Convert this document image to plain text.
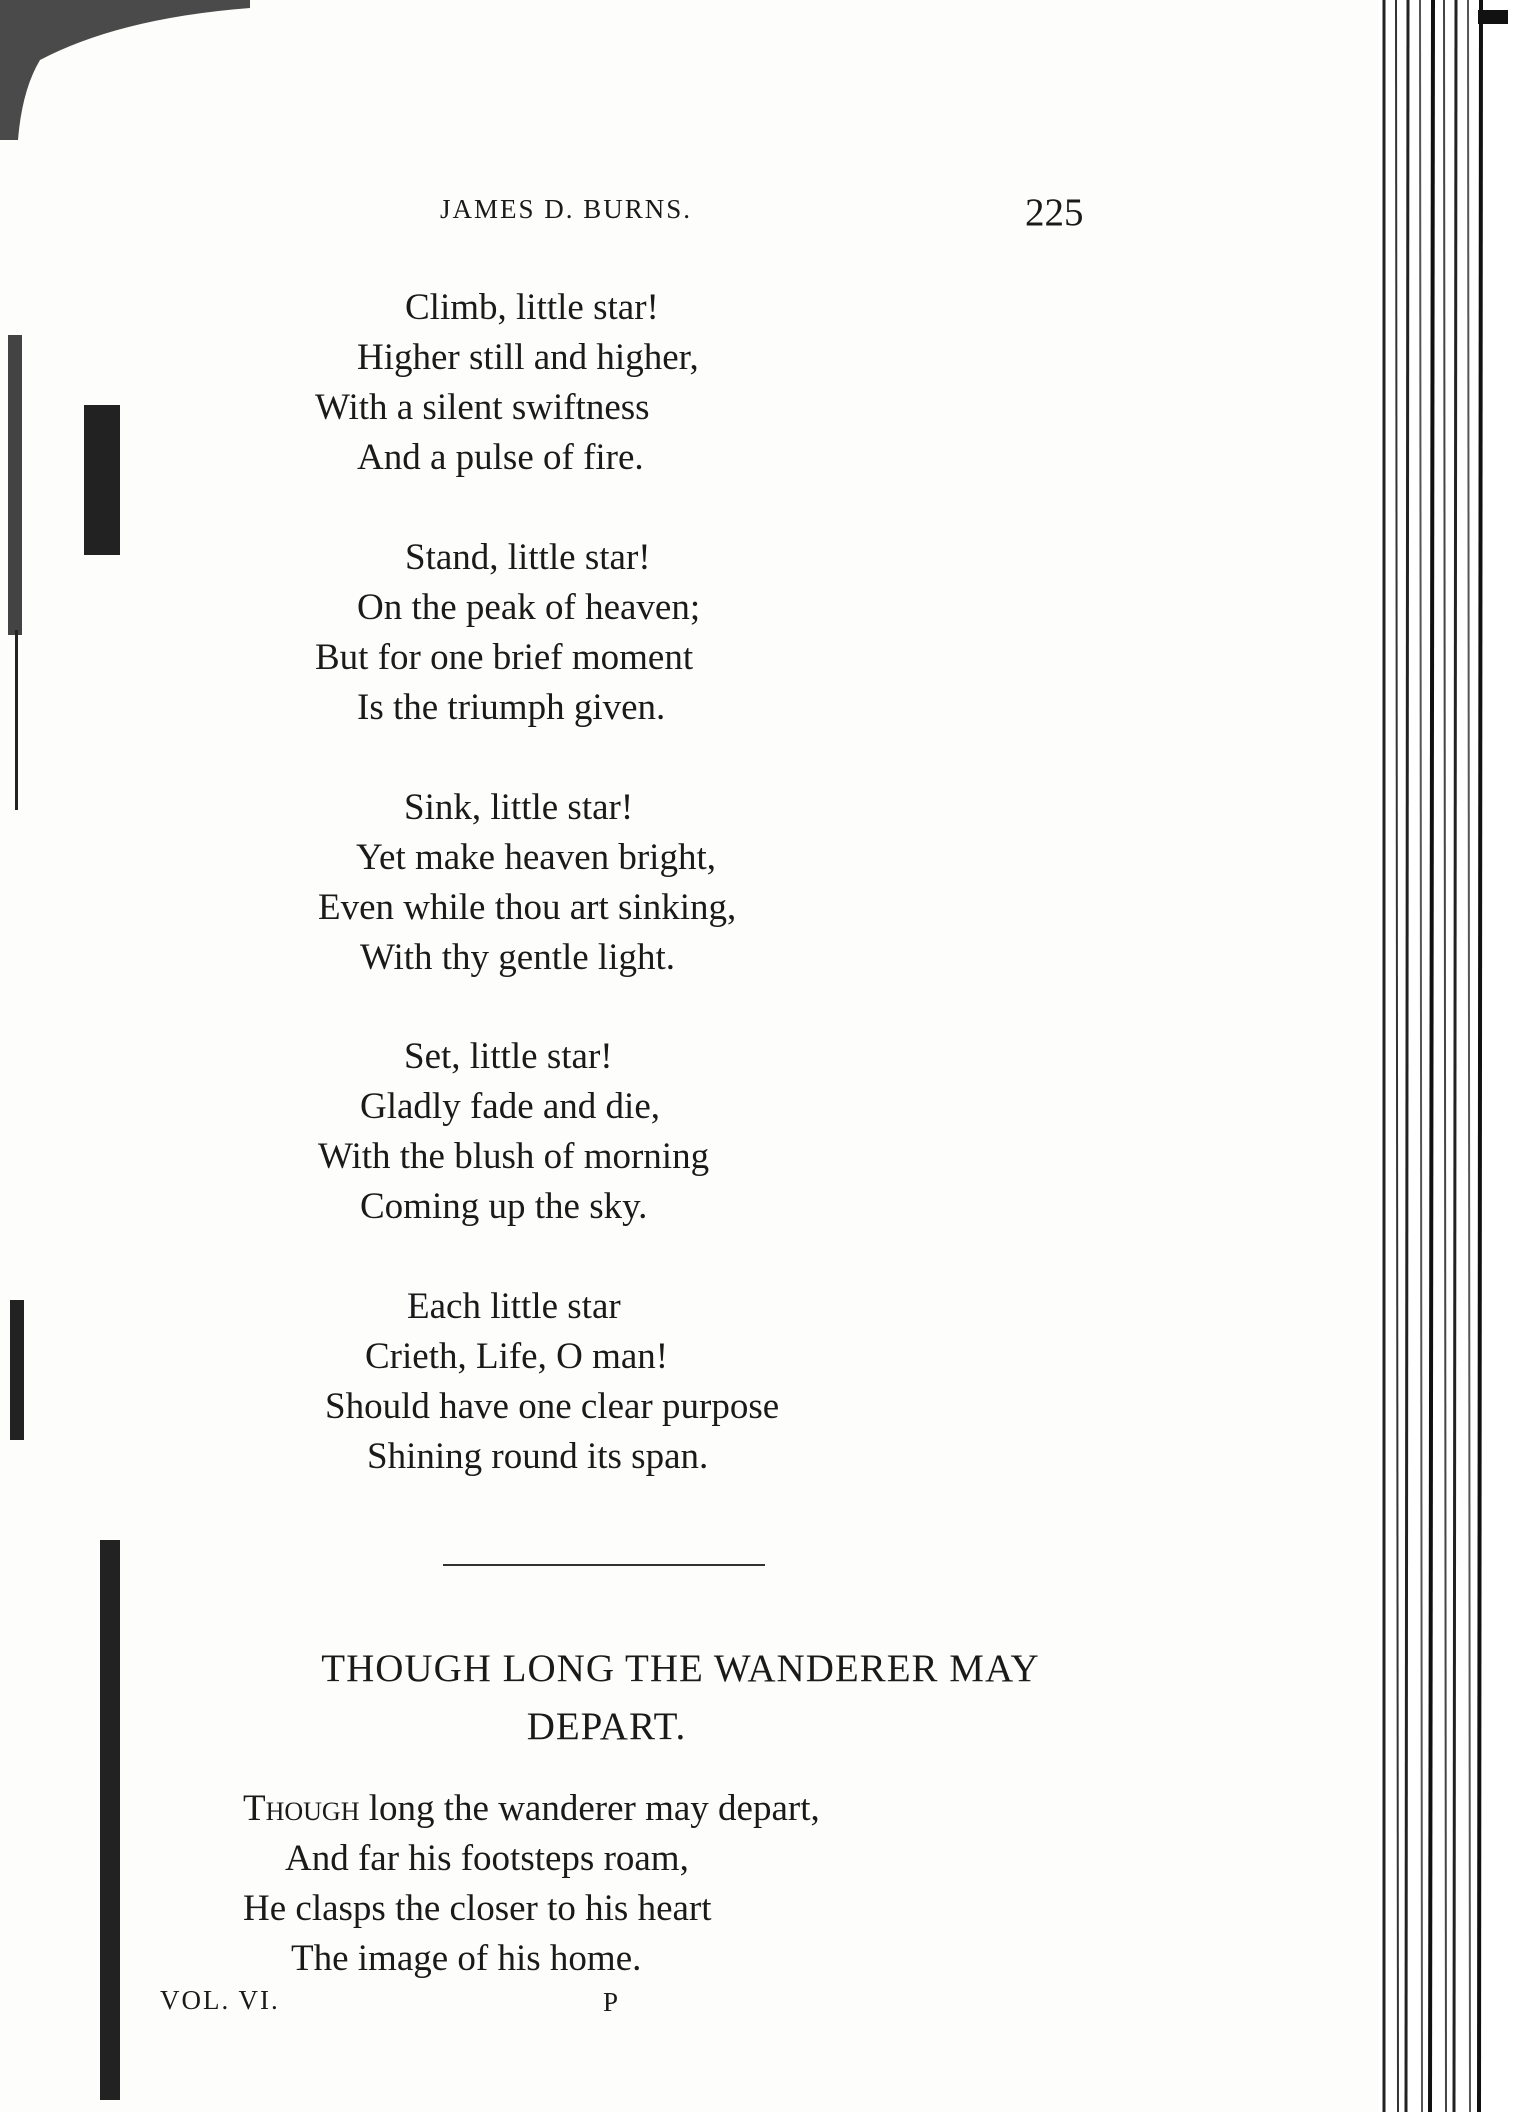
JAMES D. BURNS.	225
Climb, little star!
Higher still and higher,
With a silent swiftness
And a pulse of fire.
Stand, little star!
On the peak of heaven;
But for one brief moment
Is the triumph given.
Sink, little star!
Yet make heaven bright,
Even while thou art sinking,
With thy gentle light.
Set, little star!
Gladly fade and die,
With the blush of morning
Coming up the sky.
Each little star
Crieth, Life, O man!
Should have one clear purpose
Shining round its span.
THOUGH LONG THE WANDERER MAY
DEPART.
Though long the wanderer may depart,
And far his footsteps roam,
He clasps the closer to his heart
The image of his home.
VOL. VI.	P
